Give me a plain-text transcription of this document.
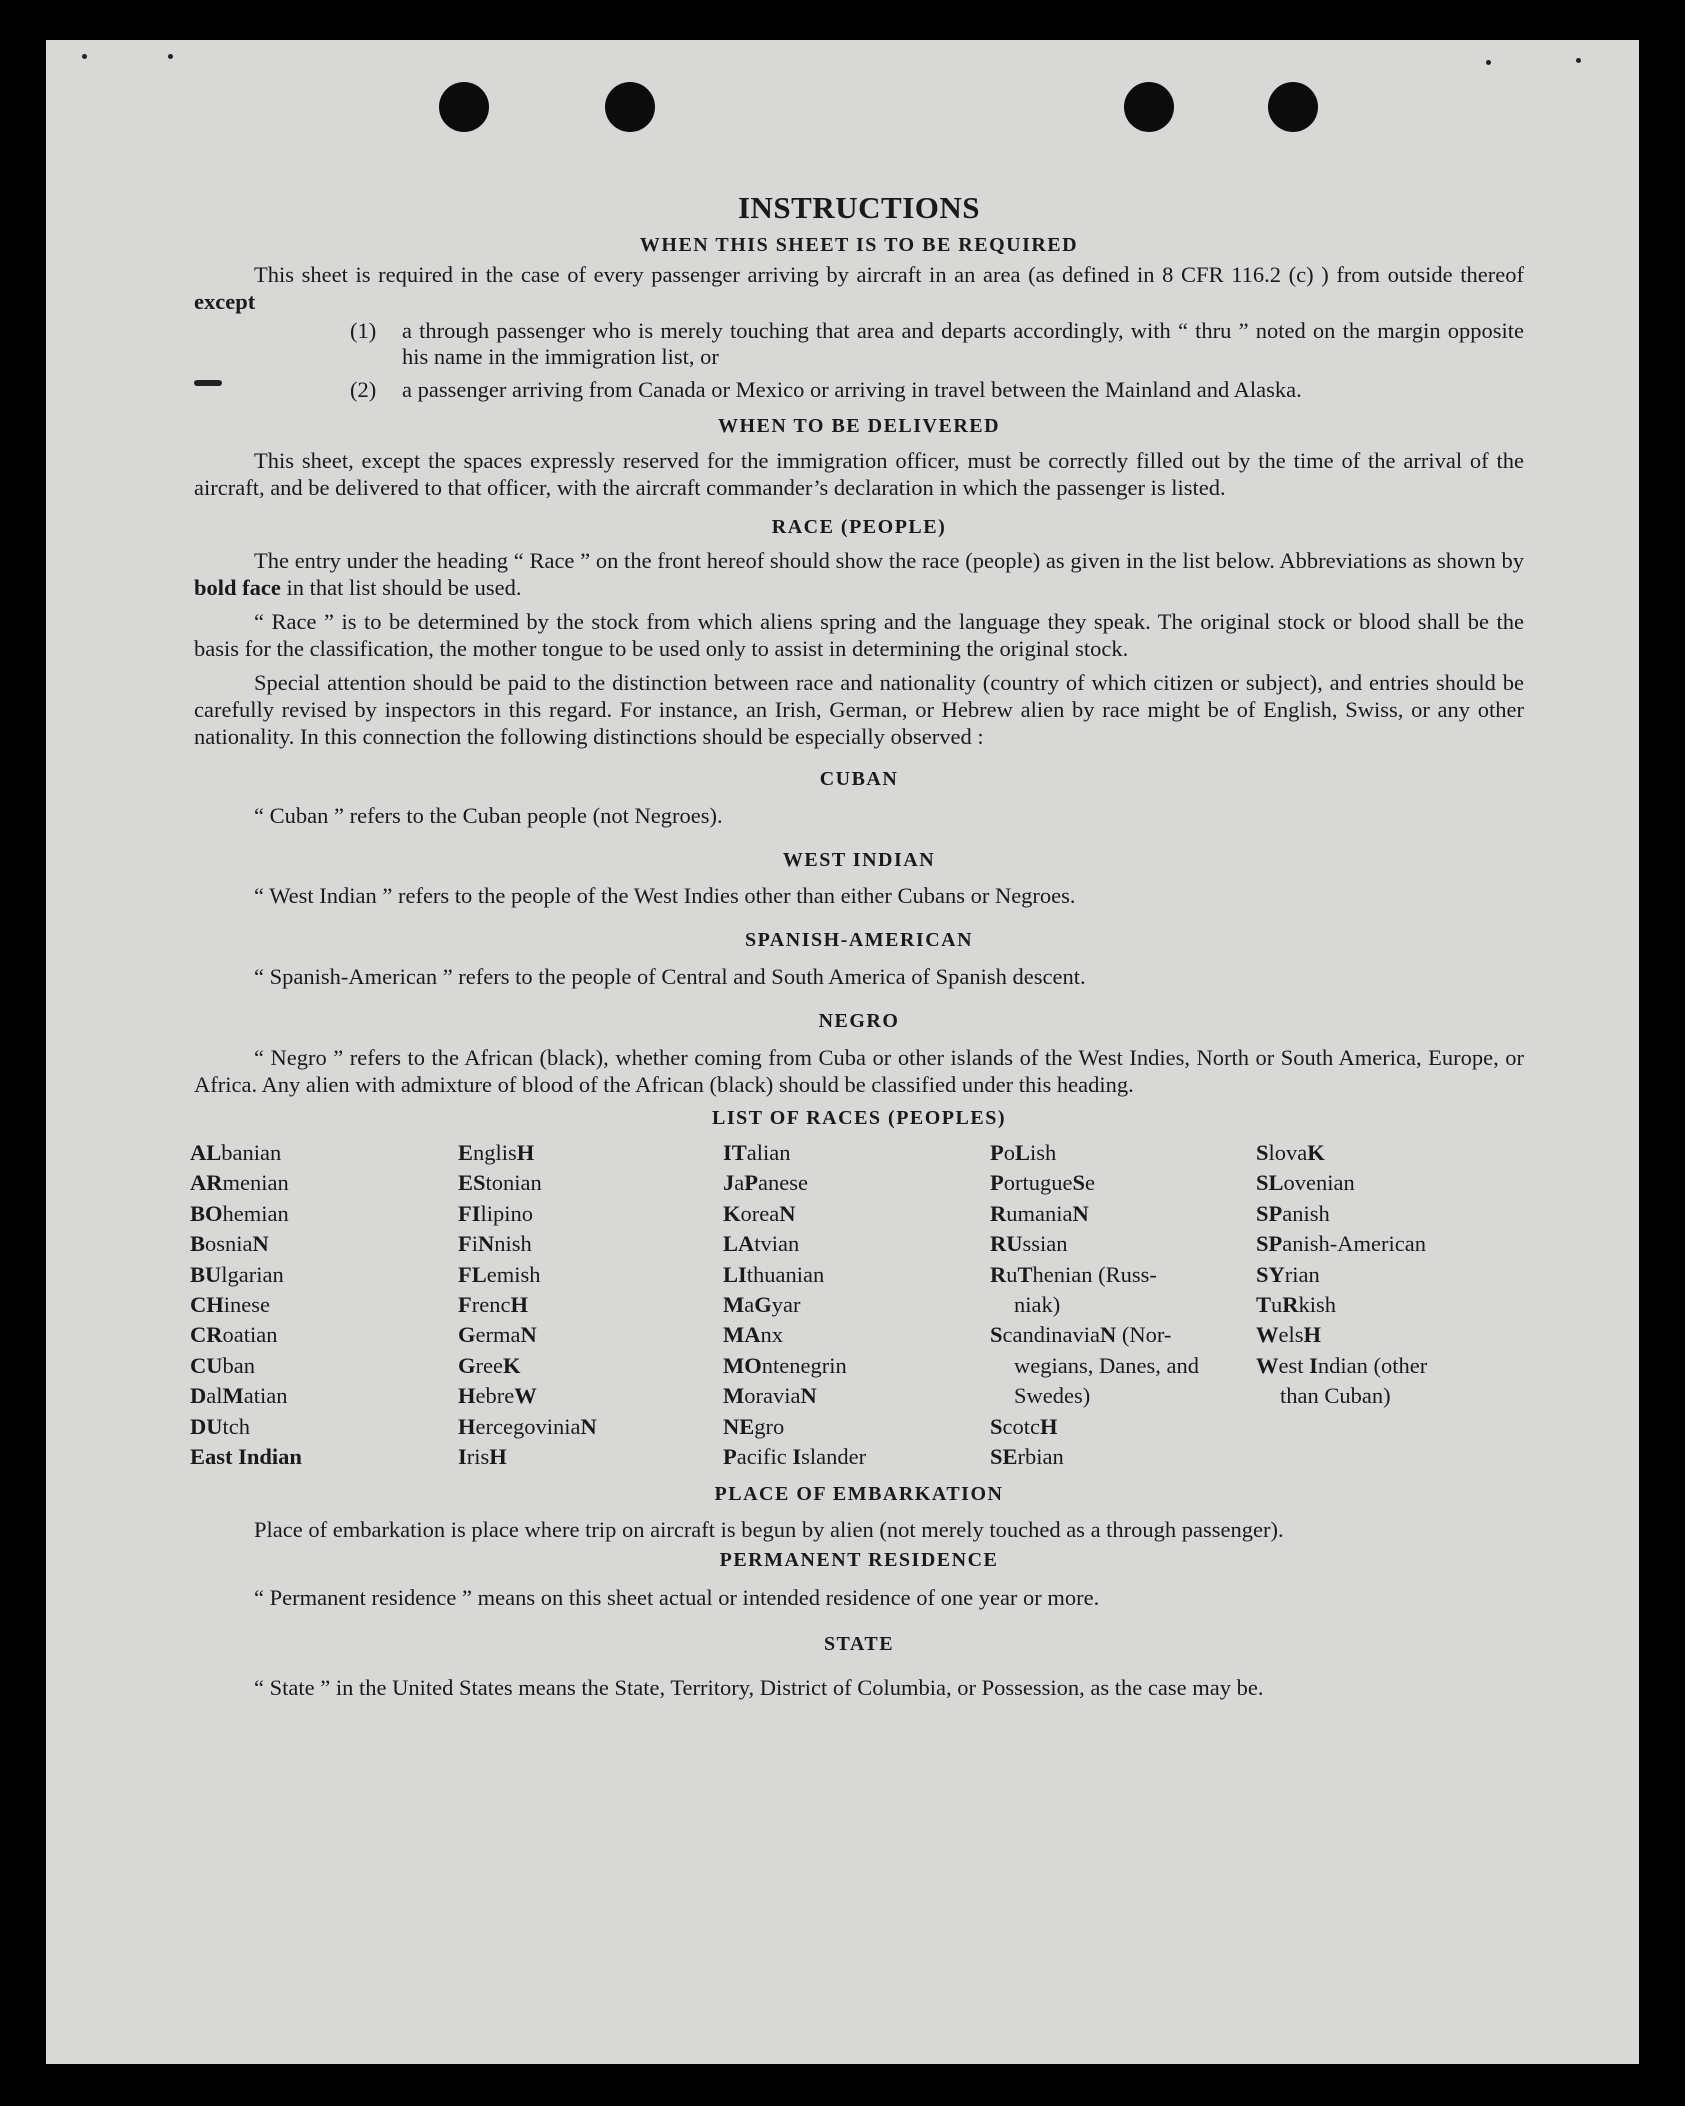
INSTRUCTIONS
WHEN THIS SHEET IS TO BE REQUIRED

This sheet is required in the case of every passenger arriving by aircraft in an area (as defined in 8 CFR 116.2 (c) ) from outside thereof except

(1)	a through passenger who is merely touching that area and departs accordingly, with “ thru ” noted on the margin opposite his name in the immigration list, or
(2)	a passenger arriving from Canada or Mexico or arriving in travel between the Mainland and Alaska.
WHEN TO BE DELIVERED

This sheet, except the spaces expressly reserved for the immigration officer, must be correctly filled out by the time of the arrival of the aircraft, and be delivered to that officer, with the aircraft commander’s declaration in which the passenger is listed.

RACE (PEOPLE)

The entry under the heading “ Race ” on the front hereof should show the race (people) as given in the list below. Abbreviations as shown by bold face in that list should be used.

“ Race ” is to be determined by the stock from which aliens spring and the language they speak. The original stock or blood shall be the basis for the classification, the mother tongue to be used only to assist in determining the original stock.

Special attention should be paid to the distinction between race and nationality (country of which citizen or subject), and entries should be carefully revised by inspectors in this regard. For instance, an Irish, German, or Hebrew alien by race might be of English, Swiss, or any other nationality. In this connection the following distinctions should be especially observed :

CUBAN

“ Cuban ” refers to the Cuban people (not Negroes).

WEST INDIAN

“ West Indian ” refers to the people of the West Indies other than either Cubans or Negroes.

SPANISH-AMERICAN

“ Spanish-American ” refers to the people of Central and South America of Spanish descent.

NEGRO

“ Negro ” refers to the African (black), whether coming from Cuba or other islands of the West Indies, North or South America, Europe, or Africa. Any alien with admixture of blood of the African (black) should be classified under this heading.

LIST OF RACES (PEOPLES)
ALbanian
ARmenian
BOhemian
BosniaN
BUlgarian
CHinese
CRoatian
CUban
DalMatian
DUtch
East Indian
EnglisH
EStonian
FIlipino
FiNnish
FLemish
FrencH
GermaN
GreeK
HebreW
HercegoviniaN
IrisH
ITalian
JaPanese
KoreaN
LAtvian
LIthuanian
MaGyar
MAnx
MOntenegrin
MoraviaN
NEgro
Pacific Islander
PoLish
PortugueSe
RumaniaN
RUssian
RuThenian (Russ-
niak)
ScandinaviaN (Nor-
wegians, Danes, and Swedes)
ScotcH
SErbian
SlovaK
SLovenian
SPanish
SPanish-American
SYrian
TuRkish
WelsH
West Indian (other
than Cuban)
PLACE OF EMBARKATION

Place of embarkation is place where trip on aircraft is begun by alien (not merely touched as a through passenger).

PERMANENT RESIDENCE

“ Permanent residence ” means on this sheet actual or intended residence of one year or more.

STATE

“ State ” in the United States means the State, Territory, District of Columbia, or Possession, as the case may be.
